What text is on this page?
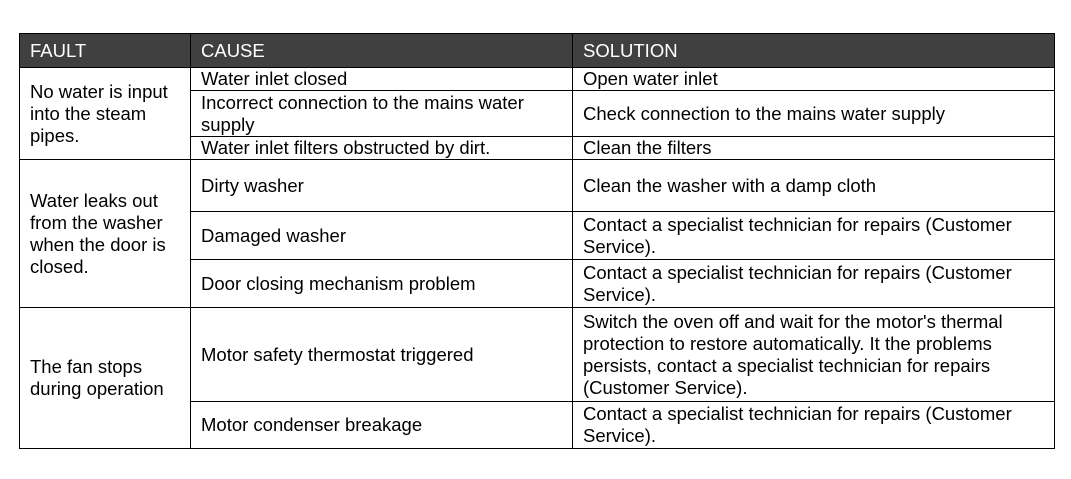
FAULT	CAUSE	SOLUTION
No water is input into the steam pipes.	Water inlet closed	Open water inlet
	Incorrect connection to the mains water supply	Check connection to the mains water supply
	Water inlet filters obstructed by dirt.	Clean the filters
Water leaks out from the washer when the door is closed.	Dirty washer	Clean the washer with a damp cloth
	Damaged washer	Contact a specialist technician for repairs (Customer Service).
	Door closing mechanism problem	Contact a specialist technician for repairs (Customer Service).
The fan stops during operation	Motor safety thermostat triggered	Switch the oven off and wait for the motor's thermal protection to restore automatically. It the problems persists, contact a specialist technician for repairs (Customer Service).
	Motor condenser breakage	Contact a specialist technician for repairs (Customer Service).
